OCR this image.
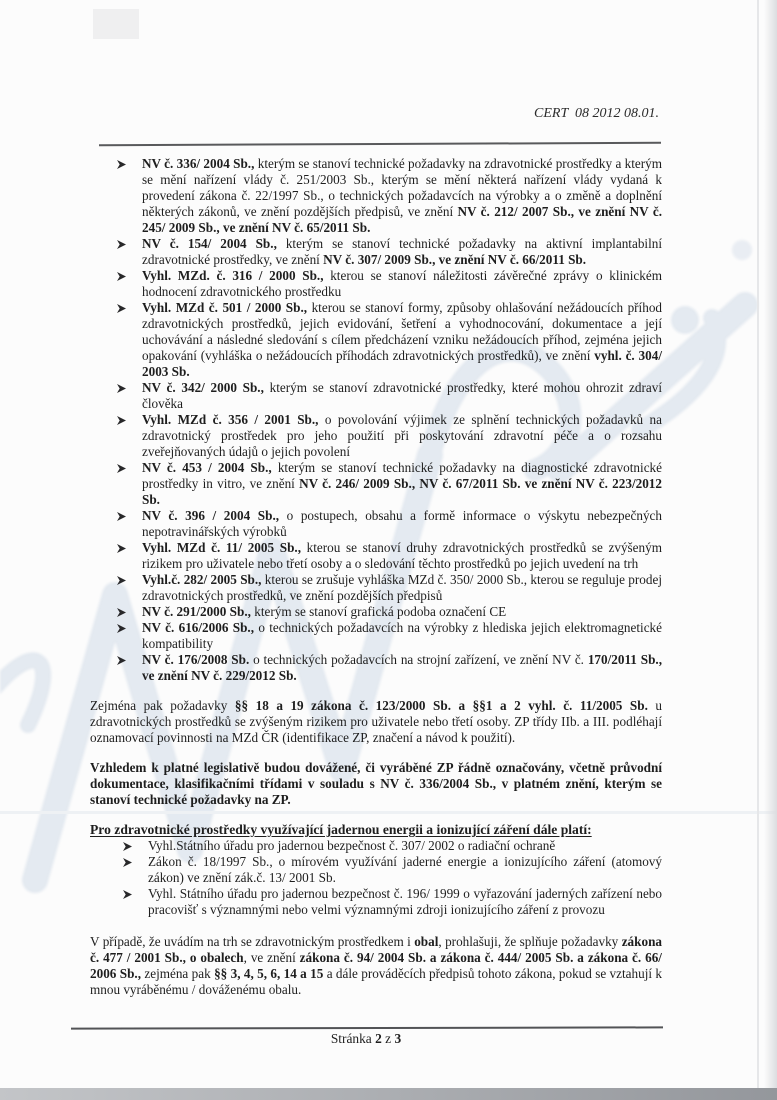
CERT  08 2012 08.01.
NV č. 336/ 2004 Sb., kterým se stanoví technické požadavky na zdravotnické prostředky a kterým se mění nařízení vlády č. 251/2003 Sb., kterým se mění některá nařízení vlády vydaná k provedení zákona č. 22/1997 Sb., o technických požadavcích na výrobky a o změně a doplnění některých zákonů, ve znění pozdějších předpisů, ve znění NV č. 212/ 2007 Sb., ve znění NV č. 245/ 2009 Sb., ve znění NV č. 65/2011 Sb.
NV č. 154/ 2004 Sb., kterým se stanoví technické požadavky na aktivní implantabilní zdravotnické prostředky, ve znění NV č. 307/ 2009 Sb., ve znění NV č. 66/2011 Sb.
Vyhl. MZd. č. 316 / 2000 Sb., kterou se stanoví náležitosti závěrečné zprávy o klinickém hodnocení zdravotnického prostředku
Vyhl. MZd č. 501 / 2000 Sb., kterou se stanoví formy, způsoby ohlašování nežádoucích příhod zdravotnických prostředků, jejich evidování, šetření a vyhodnocování, dokumentace a její uchovávání a následné sledování s cílem předcházení vzniku nežádoucích příhod, zejména jejich opakování (vyhláška o nežádoucích příhodách zdravotnických prostředků), ve znění vyhl. č. 304/ 2003 Sb.
NV č. 342/ 2000 Sb., kterým se stanoví zdravotnické prostředky, které mohou ohrozit zdraví člověka
Vyhl. MZd č. 356 / 2001 Sb., o povolování výjimek ze splnění technických požadavků na zdravotnický prostředek pro jeho použití při poskytování zdravotní péče a o rozsahu zveřejňovaných údajů o jejich povolení
NV č. 453 / 2004 Sb., kterým se stanoví technické požadavky na diagnostické zdravotnické prostředky in vitro, ve znění NV č. 246/ 2009 Sb., NV č. 67/2011 Sb. ve znění NV č. 223/2012 Sb.
NV č. 396 / 2004 Sb., o postupech, obsahu a formě informace o výskytu nebezpečných nepotravinářských výrobků
Vyhl. MZd č. 11/ 2005 Sb., kterou se stanoví druhy zdravotnických prostředků se zvýšeným rizikem pro uživatele nebo třetí osoby a o sledování těchto prostředků po jejich uvedení na trh
Vyhl.č. 282/ 2005 Sb., kterou se zrušuje vyhláška MZd č. 350/ 2000 Sb., kterou se reguluje prodej zdravotnických prostředků, ve znění pozdějších předpisů
NV č. 291/2000 Sb., kterým se stanoví grafická podoba označení CE
NV č. 616/2006 Sb., o technických požadavcích na výrobky z hlediska jejich elektromagnetické kompatibility
NV č. 176/2008 Sb. o technických požadavcích na strojní zařízení, ve znění NV č. 170/2011 Sb., ve znění NV č. 229/2012 Sb.
Zejména pak požadavky §§ 18 a 19 zákona č. 123/2000 Sb. a §§1 a 2 vyhl. č. 11/2005 Sb. u zdravotnických prostředků se zvýšeným rizikem pro uživatele nebo třetí osoby. ZP třídy IIb. a III. podléhají oznamovací povinnosti na MZd ČR (identifikace ZP, značení a návod k použití).
Vzhledem k platné legislativě budou dovážené, či vyráběné ZP řádně označovány, včetně průvodní dokumentace, klasifikačními třídami v souladu s NV č. 336/2004 Sb., v platném znění, kterým se stanoví technické požadavky na ZP.
Pro zdravotnické prostředky využívající jadernou energii a ionizující záření dále platí:
Vyhl.Státního úřadu pro jadernou bezpečnost č. 307/ 2002 o radiační ochraně
Zákon č. 18/1997 Sb., o mírovém využívání jaderné energie a ionizujícího záření (atomový zákon) ve znění zák.č. 13/ 2001 Sb.
Vyhl. Státního úřadu pro jadernou bezpečnost č. 196/ 1999 o vyřazování jaderných zařízení nebo pracovišť s významnými nebo velmi významnými zdroji ionizujícího záření z provozu
V případě, že uvádím na trh se zdravotnickým prostředkem i obal, prohlašuji, že splňuje požadavky zákona č. 477 / 2001 Sb., o obalech, ve znění zákona č. 94/ 2004 Sb. a zákona č. 444/ 2005 Sb. a zákona č. 66/ 2006 Sb., zejména pak §§ 3, 4, 5, 6, 14 a 15 a dále prováděcích předpisů tohoto zákona, pokud se vztahují k mnou vyráběnému / dováženému obalu.
Stránka 2 z 3
